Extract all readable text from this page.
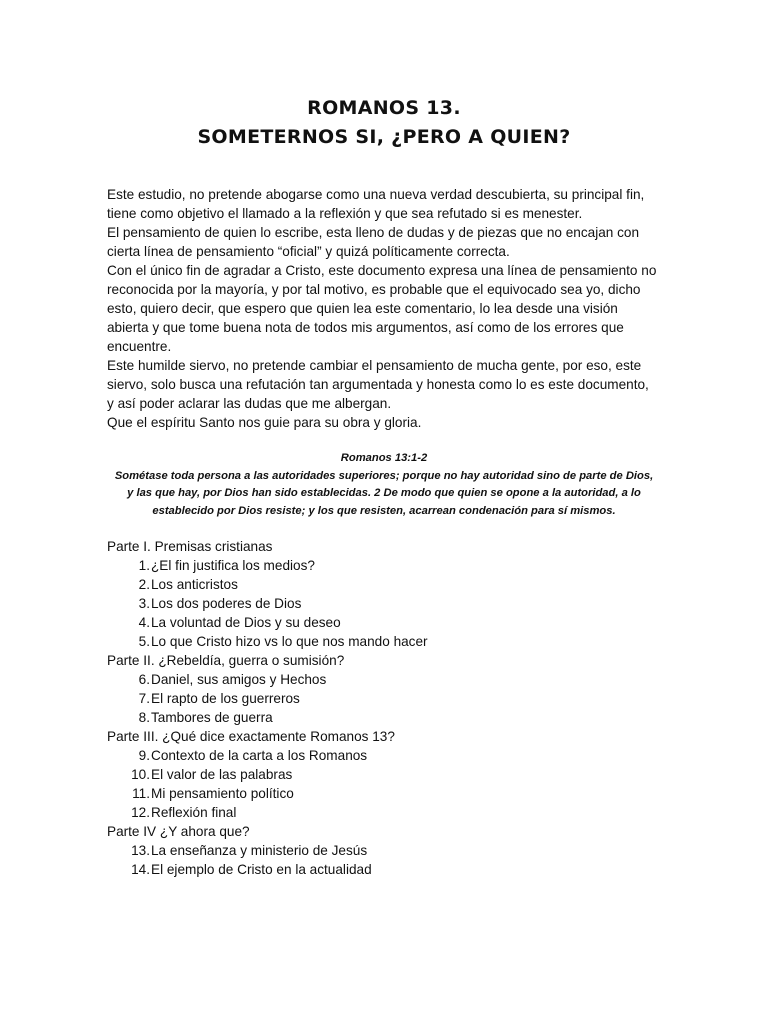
ROMANOS 13.
SOMETERNOS SI, ¿PERO A QUIEN?

Este estudio, no pretende abogarse como una nueva verdad descubierta, su principal fin,

tiene como objetivo el llamado a la reflexión y que sea refutado si es menester.

El pensamiento de quien lo escribe, esta lleno de dudas y de piezas que no encajan con

cierta línea de pensamiento “oficial” y quizá políticamente correcta.

Con el único fin de agradar a Cristo, este documento expresa una línea de pensamiento no

reconocida por la mayoría, y por tal motivo, es probable que el equivocado sea yo, dicho

esto, quiero decir, que espero que quien lea este comentario, lo lea desde una visión

abierta y que tome buena nota de todos mis argumentos, así como de los errores que

encuentre.

Este humilde siervo, no pretende cambiar el pensamiento de mucha gente, por eso, este

siervo, solo busca una refutación tan argumentada y honesta como lo es este documento,

y así poder aclarar las dudas que me albergan.

Que el espíritu Santo nos guie para su obra y gloria.

Romanos 13:1-2
Sométase toda persona a las autoridades superiores; porque no hay autoridad sino de parte de Dios,
y las que hay, por Dios han sido establecidas. 2 De modo que quien se opone a la autoridad, a lo
establecido por Dios resiste; y los que resisten, acarrean condenación para sí mismos.

Parte I. Premisas cristianas

1. ¿El fin justifica los medios?
2. Los anticristos
3. Los dos poderes de Dios
4. La voluntad de Dios y su deseo
5. Lo que Cristo hizo vs lo que nos mando hacer

Parte II. ¿Rebeldía, guerra o sumisión?

6. Daniel, sus amigos y Hechos
7. El rapto de los guerreros
8. Tambores de guerra

Parte III. ¿Qué dice exactamente Romanos 13?

9. Contexto de la carta a los Romanos
10. El valor de las palabras
11. Mi pensamiento político
12. Reflexión final

Parte IV ¿Y ahora que?

13. La enseñanza y ministerio de Jesús
14. El ejemplo de Cristo en la actualidad
